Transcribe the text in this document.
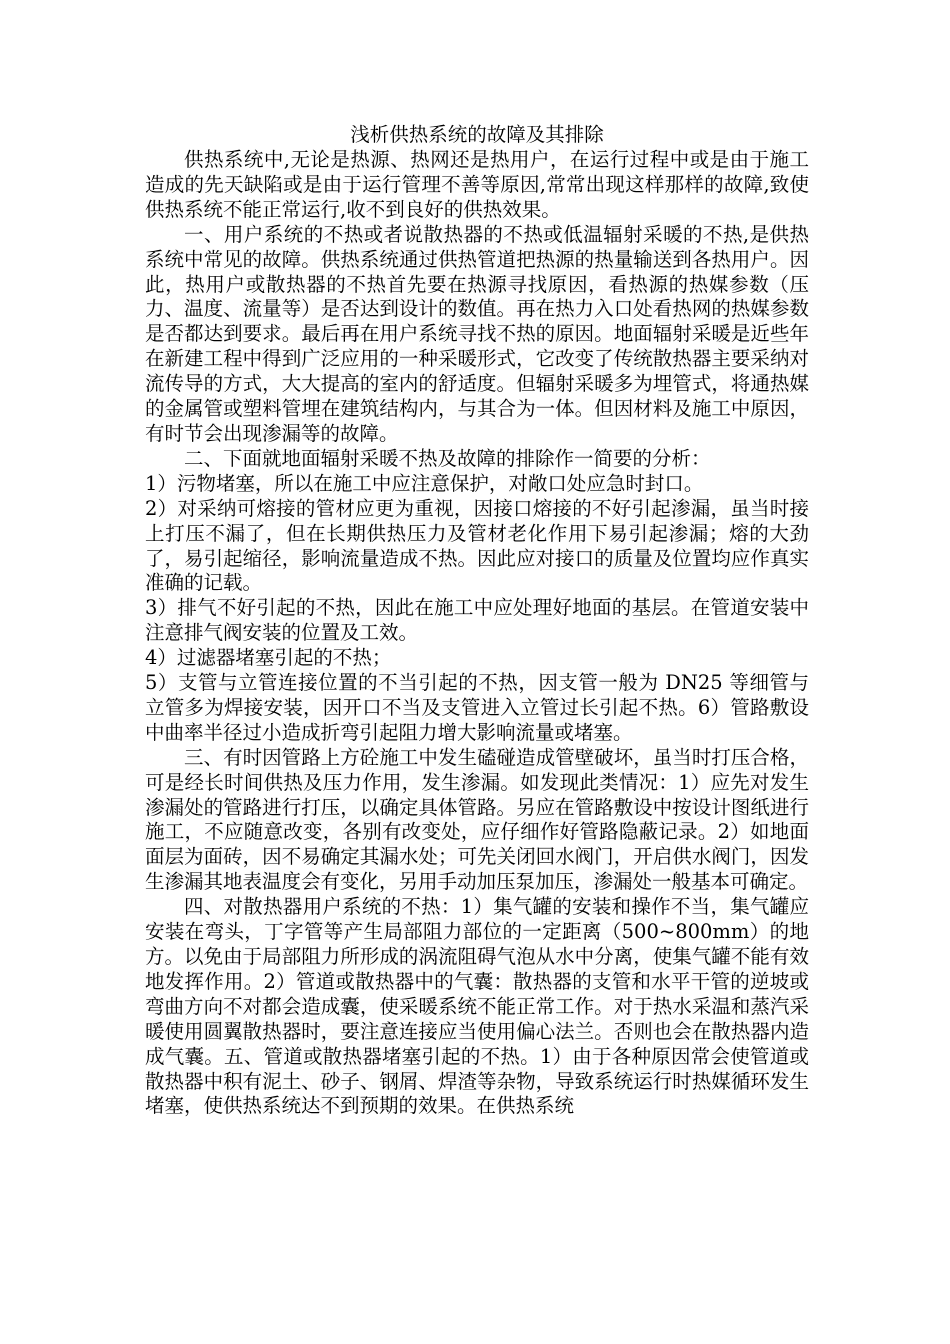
浅析供热系统的故障及其排除

供热系统中,无论是热源、热网还是热用户，在运行过程中或是由于施工造成的先天缺陷或是由于运行管理不善等原因,常常出现这样那样的故障,致使供热系统不能正常运行,收不到良好的供热效果。

一、用户系统的不热或者说散热器的不热或低温辐射采暖的不热,是供热系统中常见的故障。供热系统通过供热管道把热源的热量输送到各热用户。因此，热用户或散热器的不热首先要在热源寻找原因，看热源的热媒参数（压力、温度、流量等）是否达到设计的数值。再在热力入口处看热网的热媒参数是否都达到要求。最后再在用户系统寻找不热的原因。地面辐射采暖是近些年在新建工程中得到广泛应用的一种采暖形式，它改变了传统散热器主要采纳对流传导的方式，大大提高的室内的舒适度。但辐射采暖多为埋管式，将通热媒的金属管或塑料管埋在建筑结构内，与其合为一体。但因材料及施工中原因，有时节会出现渗漏等的故障。

二、下面就地面辐射采暖不热及故障的排除作一简要的分析：

1）污物堵塞，所以在施工中应注意保护，对敞口处应急时封口。

2）对采纳可熔接的管材应更为重视，因接口熔接的不好引起渗漏，虽当时接上打压不漏了，但在长期供热压力及管材老化作用下易引起渗漏；熔的大劲了，易引起缩径，影响流量造成不热。因此应对接口的质量及位置均应作真实准确的记载。

3）排气不好引起的不热，因此在施工中应处理好地面的基层。在管道安装中注意排气阀安装的位置及工效。

4）过滤器堵塞引起的不热；

5）支管与立管连接位置的不当引起的不热，因支管一般为 DN25 等细管与立管多为焊接安装，因开口不当及支管进入立管过长引起不热。6）管路敷设中曲率半径过小造成折弯引起阻力增大影响流量或堵塞。

三、有时因管路上方砼施工中发生磕碰造成管壁破坏，虽当时打压合格，可是经长时间供热及压力作用，发生渗漏。如发现此类情况：1）应先对发生渗漏处的管路进行打压，以确定具体管路。另应在管路敷设中按设计图纸进行施工，不应随意改变，各别有改变处，应仔细作好管路隐蔽记录。2）如地面面层为面砖，因不易确定其漏水处；可先关闭回水阀门，开启供水阀门，因发生渗漏其地表温度会有变化，另用手动加压泵加压，渗漏处一般基本可确定。

四、对散热器用户系统的不热：1）集气罐的安装和操作不当，集气罐应安装在弯头，丁字管等产生局部阻力部位的一定距离（500~800mm）的地方。以免由于局部阻力所形成的涡流阻碍气泡从水中分离，使集气罐不能有效地发挥作用。2）管道或散热器中的气囊：散热器的支管和水平干管的逆坡或弯曲方向不对都会造成囊，使采暖系统不能正常工作。对于热水采温和蒸汽采暖使用圆翼散热器时，要注意连接应当使用偏心法兰。否则也会在散热器内造成气囊。五、管道或散热器堵塞引起的不热。1）由于各种原因常会使管道或散热器中积有泥土、砂子、钢屑、焊渣等杂物，导致系统运行时热媒循环发生堵塞，使供热系统达不到预期的效果。在供热系统
